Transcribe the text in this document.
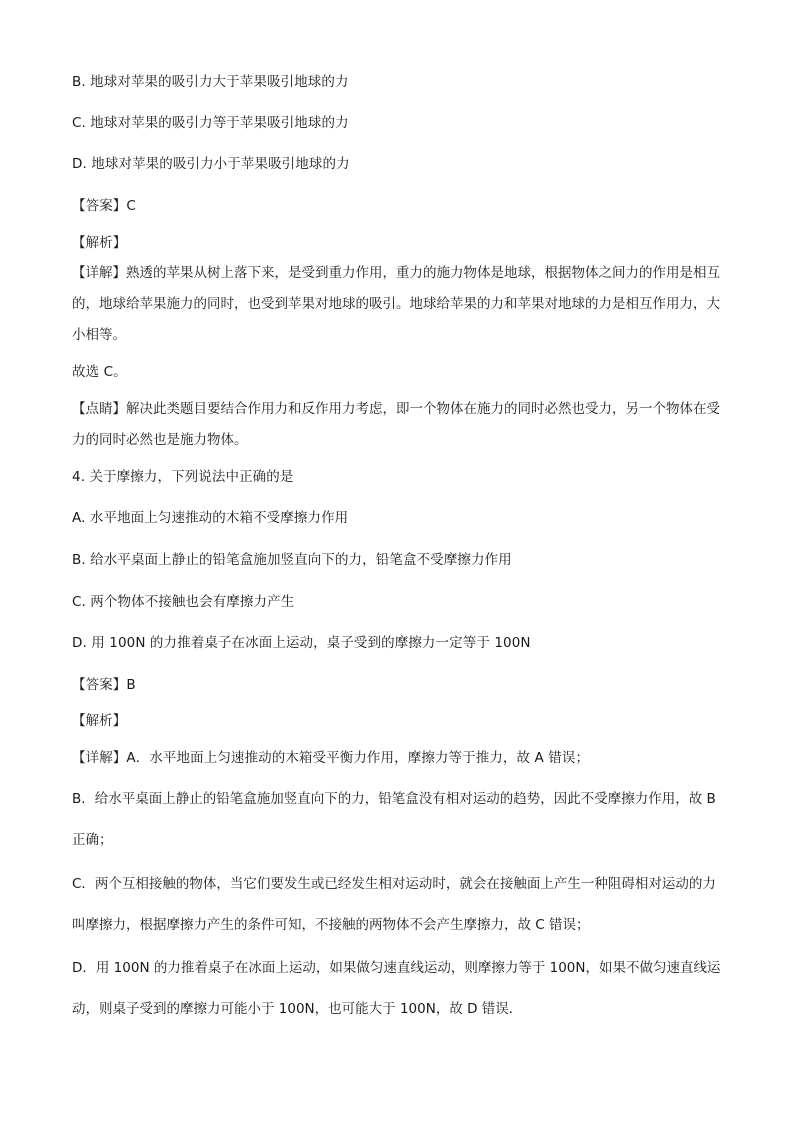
B. 地球对苹果的吸引力大于苹果吸引地球的力
C. 地球对苹果的吸引力等于苹果吸引地球的力
D. 地球对苹果的吸引力小于苹果吸引地球的力
【答案】C
【解析】
【详解】熟透的苹果从树上落下来，是受到重力作用，重力的施力物体是地球，根据物体之间力的作用是相互的，地球给苹果施力的同时，也受到苹果对地球的吸引。地球给苹果的力和苹果对地球的力是相互作用力，大小相等。
故选 C。
【点睛】解决此类题目要结合作用力和反作用力考虑，即一个物体在施力的同时必然也受力，另一个物体在受力的同时必然也是施力物体。
4. 关于摩擦力，下列说法中正确的是
A. 水平地面上匀速推动的木箱不受摩擦力作用
B. 给水平桌面上静止的铅笔盒施加竖直向下的力，铅笔盒不受摩擦力作用
C. 两个物体不接触也会有摩擦力产生
D. 用 100N 的力推着桌子在冰面上运动，桌子受到的摩擦力一定等于 100N
【答案】B
【解析】
【详解】A．水平地面上匀速推动的木箱受平衡力作用，摩擦力等于推力，故 A 错误；
B．给水平桌面上静止的铅笔盒施加竖直向下的力，铅笔盒没有相对运动的趋势，因此不受摩擦力作用，故 B 正确；
C．两个互相接触的物体，当它们要发生或已经发生相对运动时，就会在接触面上产生一种阻碍相对运动的力叫摩擦力，根据摩擦力产生的条件可知，不接触的两物体不会产生摩擦力，故 C 错误；
D．用 100N 的力推着桌子在冰面上运动，如果做匀速直线运动，则摩擦力等于 100N，如果不做匀速直线运动，则桌子受到的摩擦力可能小于 100N，也可能大于 100N，故 D 错误．
